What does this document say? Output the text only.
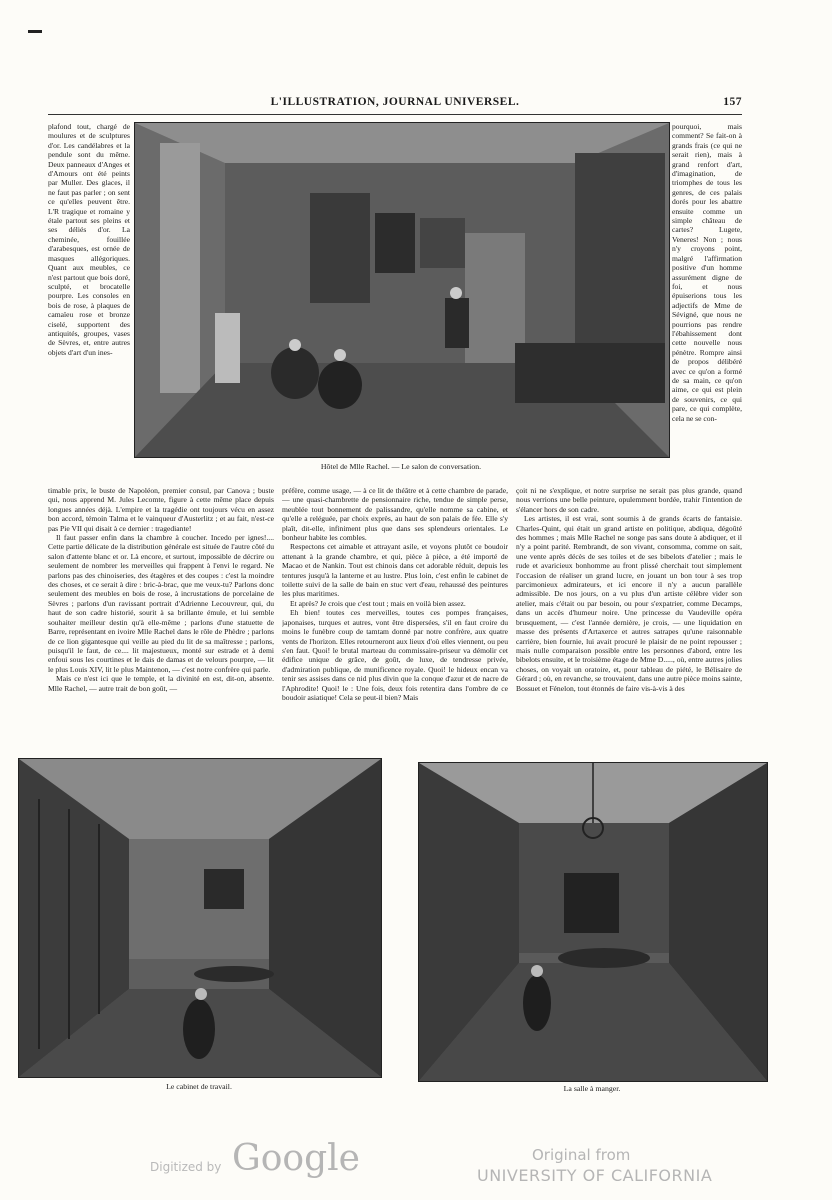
L'ILLUSTRATION, JOURNAL UNIVERSEL.	157

plafond tout, chargé de moulures et de sculptures d'or. Les candélabres et la pendule sont du même. Deux panneaux d'Anges et d'Amours ont été peints par Muller. Des glaces, il ne faut pas parler ; on sent ce qu'elles peuvent être. L'R tragique et romaine y étale partout ses pleins et ses déliés d'or. La cheminée, fouillée d'arabesques, est ornée de masques allégoriques. Quant aux meubles, ce n'est partout que bois doré, sculpté, et brocatelle pourpre. Les consoles en bois de rose, à plaques de camaïeu rose et bronze ciselé, supportent des antiquités, groupes, vases de Sèvres, et, entre autres objets d'art d'un ines-

Hôtel de Mlle Rachel. — Le salon de conversation.

pourquoi, mais comment? Se fait-on à grands frais (ce qui ne serait rien), mais à grand renfort d'art, d'imagination, de triomphes de tous les genres, de ces palais dorés pour les abattre ensuite comme un simple château de cartes? Lugete, Veneres! Non ; nous n'y croyons point, malgré l'affirmation positive d'un homme assurément digne de foi, et nous épuiserions tous les adjectifs de Mme de Sévigné, que nous ne pourrions pas rendre l'ébahissement dont cette nouvelle nous pénètre. Rompre ainsi de propos délibéré avec ce qu'on a formé de sa main, ce qu'on aime, ce qui est plein de souvenirs, ce qui pare, ce qui complète, cela ne se con-

timable prix, le buste de Napoléon, premier consul, par Canova ; buste qui, nous apprend M. Jules Lecomte, figure à cette même place depuis longues années déjà. L'empire et la tragédie ont toujours vécu en assez bon accord, témoin Talma et le vainqueur d'Austerlitz ; et au fait, n'est-ce pas Pie VII qui disait à ce dernier : tragediante!

Il faut passer enfin dans la chambre à coucher. Incedo per ignes!.... Cette partie délicate de la distribution générale est située de l'autre côté du salon d'attente blanc et or. Là encore, et surtout, impossible de décrire ou seulement de nombrer les merveilles qui frappent à l'envi le regard. Ne parlons pas des chinoiseries, des étagères et des coupes : c'est la moindre des choses, et ce serait à dire : bric-à-brac, que me veux-tu? Parlons donc seulement des meubles en bois de rose, à incrustations de porcelaine de Sèvres ; parlons d'un ravissant portrait d'Adrienne Lecouvreur, qui, du haut de son cadre historié, sourit à sa brillante émule, et lui semble souhaiter meilleur destin qu'à elle-même ; parlons d'une statuette de Barre, représentant en ivoire Mlle Rachel dans le rôle de Phèdre ; parlons de ce lion gigantesque qui veille au pied du lit de sa maîtresse ; parlons, puisqu'il le faut, de ce.... lit majestueux, monté sur estrade et à demi enfoui sous les courtines et le dais de damas et de velours pourpre, — lit le plus Louis XIV, lit le plus Maintenon, — c'est notre confrère qui parle.

Mais ce n'est ici que le temple, et la divinité en est, dit-on, absente. Mlle Rachel, — autre trait de bon goût, —

préfère, comme usage, — à ce lit de théâtre et à cette chambre de parade, — une quasi-chambrette de pensionnaire riche, tendue de simple perse, meublée tout bonnement de palissandre, qu'elle nomme sa cabine, et qu'elle a reléguée, par choix exprès, au haut de son palais de fée. Elle s'y plaît, dit-elle, infiniment plus que dans ses splendeurs orientales. Le bonheur habite les combles.

Respectons cet aimable et attrayant asile, et voyons plutôt ce boudoir attenant à la grande chambre, et qui, pièce à pièce, a été importé de Macao et de Nankin. Tout est chinois dans cet adorable réduit, depuis les tentures jusqu'à la lanterne et au lustre. Plus loin, c'est enfin le cabinet de toilette suivi de la salle de bain en stuc vert d'eau, rehaussé des peintures les plus maritimes.

Et après? Je crois que c'est tout ; mais en voilà bien assez.

Eh bien! toutes ces merveilles, toutes ces pompes françaises, japonaises, turques et autres, vont être dispersées, s'il en faut croire du moins le funèbre coup de tamtam donné par notre confrère, aux quatre vents de l'horizon. Elles retourneront aux lieux d'où elles viennent, ou peu s'en faut. Quoi! le brutal marteau du commissaire-priseur va démolir cet édifice unique de grâce, de goût, de luxe, de tendresse privée, d'admiration publique, de munificence royale. Quoi! le hideux encan va tenir ses assises dans ce nid plus divin que la conque d'azur et de nacre de l'Aphrodite! Quoi! le : Une fois, deux fois retentira dans l'ombre de ce boudoir asiatique! Cela se peut-il bien? Mais

çoit ni ne s'explique, et notre surprise ne serait pas plus grande, quand nous verrions une belle peinture, opulemment bordée, trahir l'intention de s'élancer hors de son cadre.

Les artistes, il est vrai, sont soumis à de grands écarts de fantaisie. Charles-Quint, qui était un grand artiste en politique, abdiqua, dégoûté des hommes ; mais Mlle Rachel ne songe pas sans doute à abdiquer, et il n'y a point parité. Rembrandt, de son vivant, consomma, comme on sait, une vente après décès de ses toiles et de ses bibelots d'atelier ; mais le rude et avaricieux bonhomme au front plissé cherchait tout simplement l'occasion de réaliser un grand lucre, en jouant un bon tour à ses trop parcimonieux admirateurs, et ici encore il n'y a aucun parallèle admissible. De nos jours, on a vu plus d'un artiste célèbre vider son atelier, mais c'était ou par besoin, ou pour s'expatrier, comme Decamps, dans un accès d'humeur noire. Une princesse du Vaudeville opéra brusquement, — c'est l'année dernière, je crois, — une liquidation en masse des présents d'Artaxerce et autres satrapes qu'une raisonnable carrière, bien fournie, lui avait procuré le plaisir de ne point repousser ; mais nulle comparaison possible entre les personnes d'abord, entre les bibelots ensuite, et le troisième étage de Mme D....., où, entre autres jolies choses, on voyait un oratoire, et, pour tableau de piété, le Bélisaire de Gérard ; où, en revanche, se trouvaient, dans une autre pièce moins sainte, Bossuet et Fénelon, tout étonnés de faire vis-à-vis à des

Le cabinet de travail.	La salle à manger.
Digitized by Google	Original from
UNIVERSITY OF CALIFORNIA
